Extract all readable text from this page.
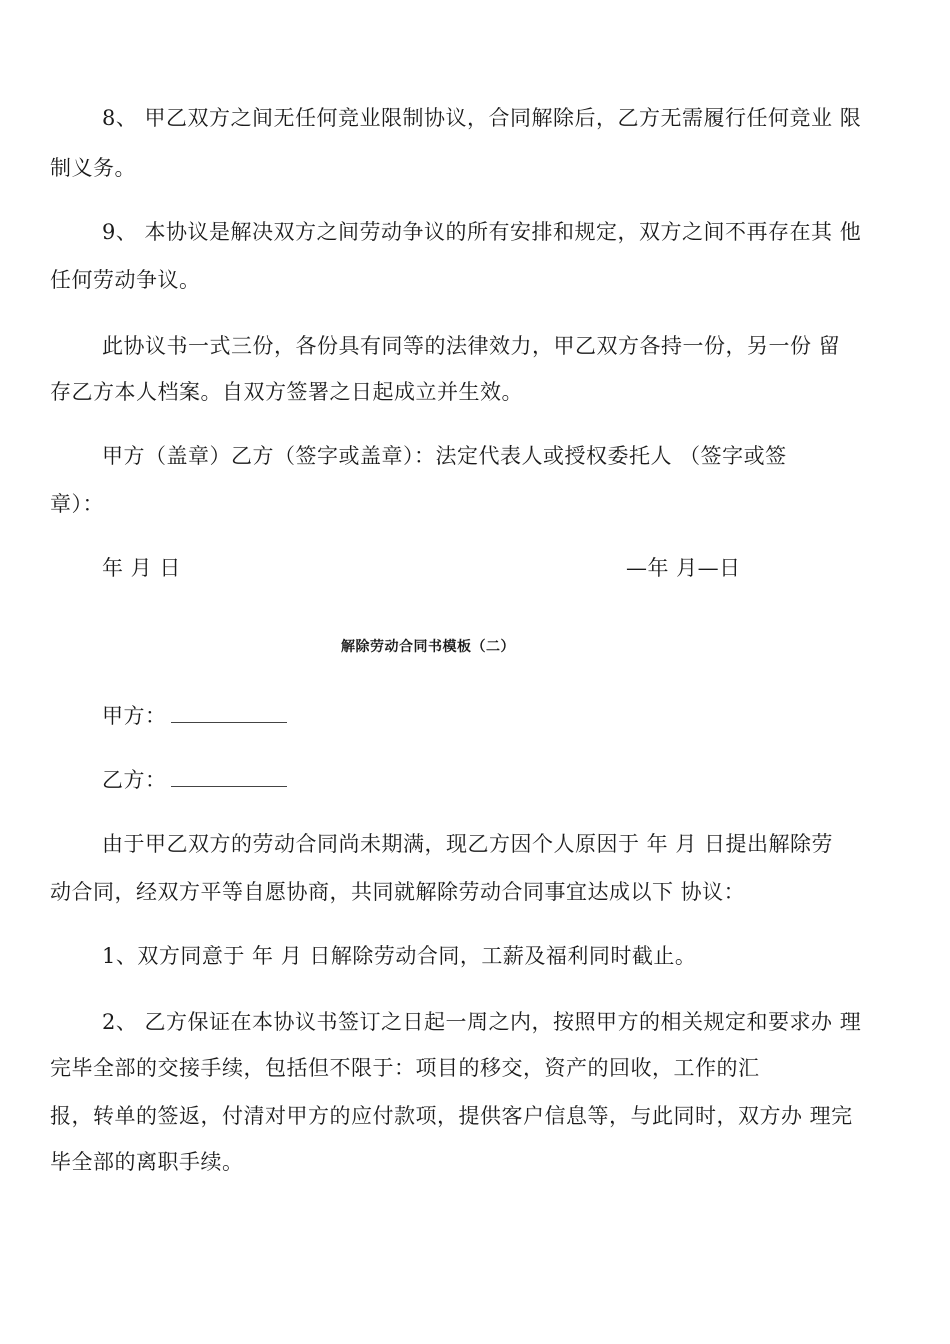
8、 甲乙双方之间无任何竞业限制协议，合同解除后，乙方无需履行任何竞业 限
制义务。
9、 本协议是解决双方之间劳动争议的所有安排和规定，双方之间不再存在其 他
任何劳动争议。
此协议书一式三份，各份具有同等的法律效力，甲乙双方各持一份，另一份 留
存乙方本人档案。自双方签署之日起成立并生效。
甲方（盖章）乙方（签字或盖章）：法定代表人或授权委托人 （签字或签
章）：
年 月 日	—年 月—日
解除劳动合同书模板（二）
甲方：
乙方：
由于甲乙双方的劳动合同尚未期满，现乙方因个人原因于 年 月 日提出解除劳
动合同，经双方平等自愿协商，共同就解除劳动合同事宜达成以下 协议：
1、双方同意于 年 月 日解除劳动合同，工薪及福利同时截止。
2、 乙方保证在本协议书签订之日起一周之内，按照甲方的相关规定和要求办 理
完毕全部的交接手续，包括但不限于：项目的移交，资产的回收，工作的汇
报，转单的签返，付清对甲方的应付款项，提供客户信息等，与此同时，双方办 理完
毕全部的离职手续。
